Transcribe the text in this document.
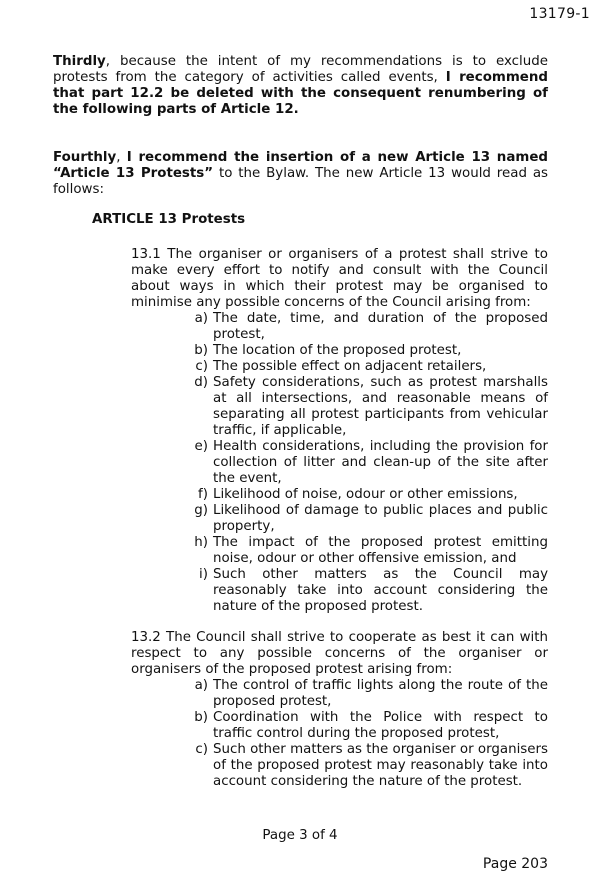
13179-1
Thirdly, because the intent of my recommendations is to exclude protests from the category of activities called events, I recommend that part 12.2 be deleted with the consequent renumbering of the following parts of Article 12.
Fourthly, I recommend the insertion of a new Article 13 named “Article 13 Protests” to the Bylaw. The new Article 13 would read as follows:
ARTICLE 13 Protests
13.1 The organiser or organisers of a protest shall strive to make every effort to notify and consult with the Council about ways in which their protest may be organised to minimise any possible concerns of the Council arising from:
a) The date, time, and duration of the proposed protest,
b) The location of the proposed protest,
c) The possible effect on adjacent retailers,
d) Safety considerations, such as protest marshalls at all intersections, and reasonable means of separating all protest participants from vehicular traffic, if applicable,
e) Health considerations, including the provision for collection of litter and clean-up of the site after the event,
f) Likelihood of noise, odour or other emissions,
g) Likelihood of damage to public places and public property,
h) The impact of the proposed protest emitting noise, odour or other offensive emission, and
i) Such other matters as the Council may reasonably take into account considering the nature of the proposed protest.
13.2 The Council shall strive to cooperate as best it can with respect to any possible concerns of the organiser or organisers of the proposed protest arising from:
a) The control of traffic lights along the route of the proposed protest,
b) Coordination with the Police with respect to traffic control during the proposed protest,
c) Such other matters as the organiser or organisers of the proposed protest may reasonably take into account considering the nature of the protest.
Page 3 of 4
Page 203
